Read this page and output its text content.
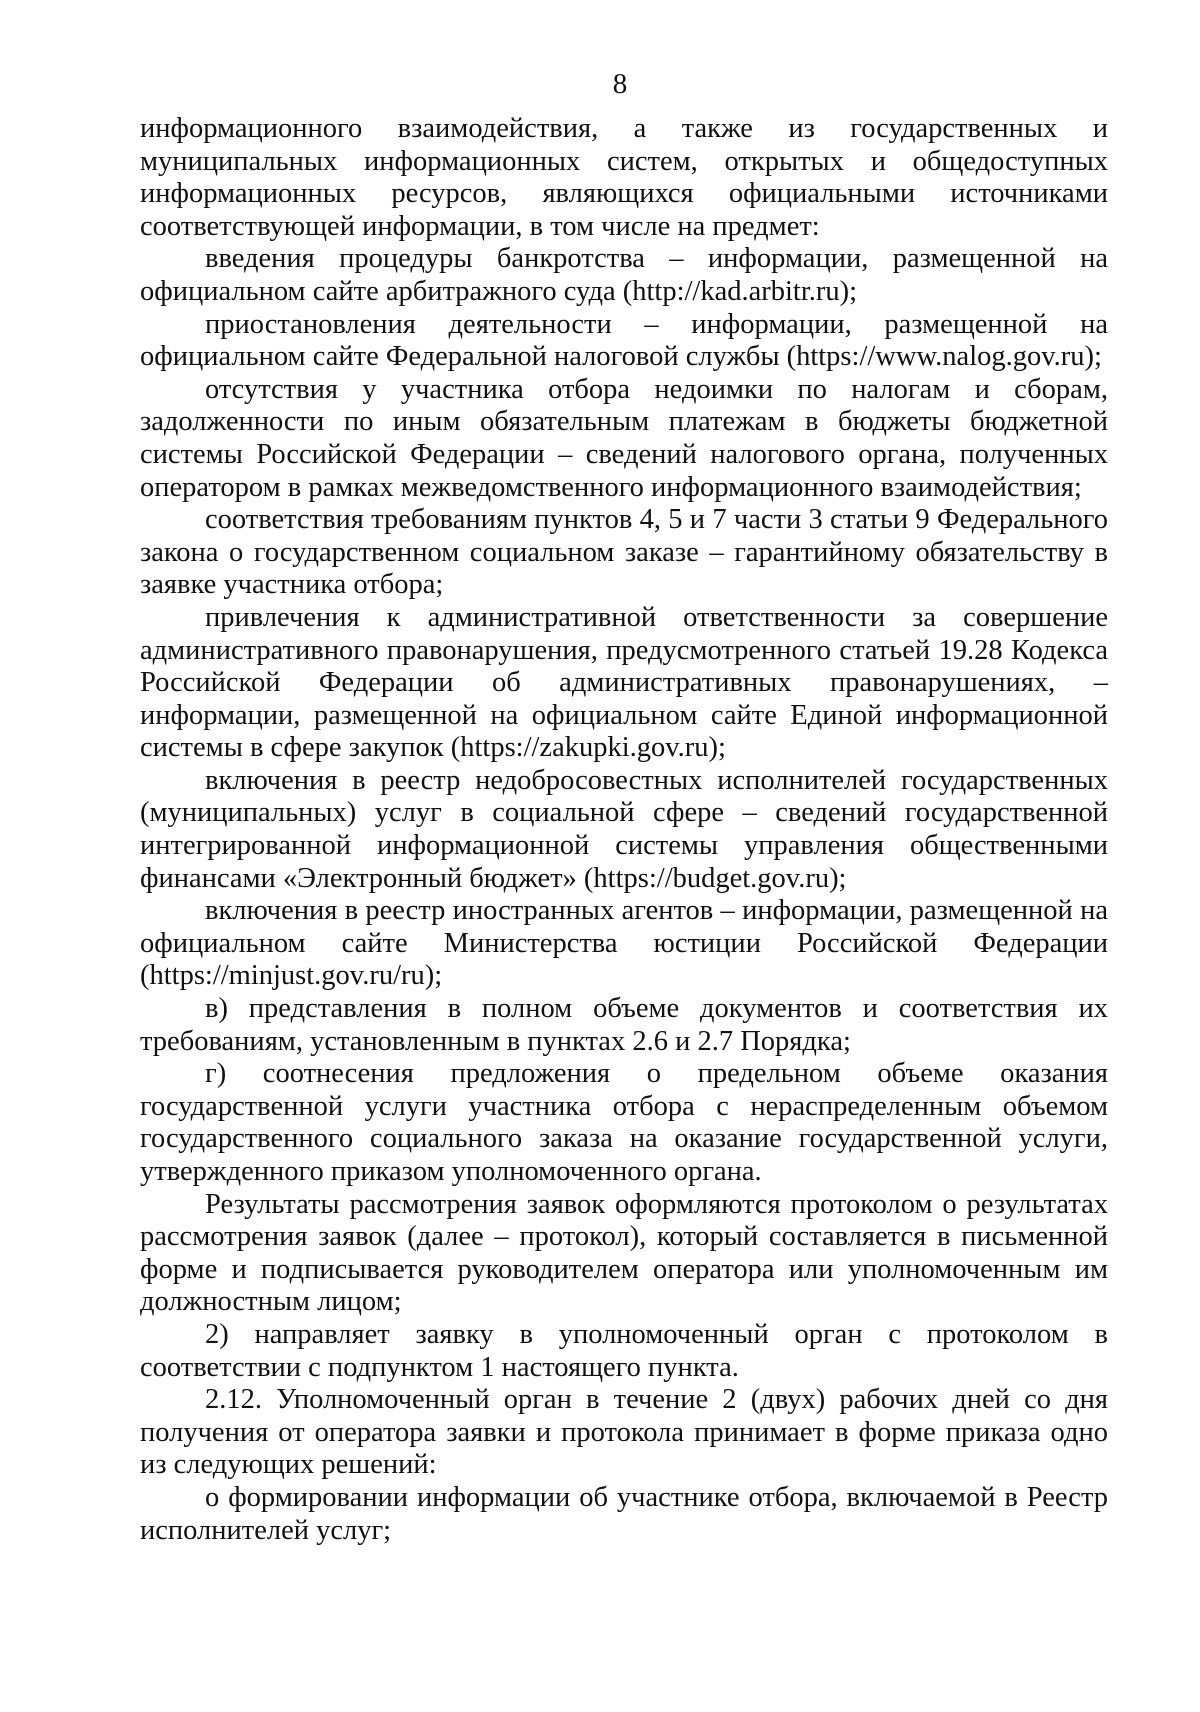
8

информационного взаимодействия, а также из государственных и муниципальных информационных систем, открытых и общедоступных информационных ресурсов, являющихся официальными источниками соответствующей информации, в том числе на предмет:

введения процедуры банкротства – информации, размещенной на официальном сайте арбитражного суда (http://kad.arbitr.ru);

приостановления деятельности – информации, размещенной на официальном сайте Федеральной налоговой службы (https://www.nalog.gov.ru);

отсутствия у участника отбора недоимки по налогам и сборам, задолженности по иным обязательным платежам в бюджеты бюджетной системы Российской Федерации – сведений налогового органа, полученных оператором в рамках межведомственного информационного взаимодействия;

соответствия требованиям пунктов 4, 5 и 7 части 3 статьи 9 Федерального закона о государственном социальном заказе – гарантийному обязательству в заявке участника отбора;

привлечения к административной ответственности за совершение административного правонарушения, предусмотренного статьей 19.28 Кодекса Российской Федерации об административных правонарушениях, – информации, размещенной на официальном сайте Единой информационной системы в сфере закупок (https://zakupki.gov.ru);

включения в реестр недобросовестных исполнителей государственных (муниципальных) услуг в социальной сфере – сведений государственной интегрированной информационной системы управления общественными финансами «Электронный бюджет» (https://budget.gov.ru);

включения в реестр иностранных агентов – информации, размещенной на официальном сайте Министерства юстиции Российской Федерации (https://minjust.gov.ru/ru);

в) представления в полном объеме документов и соответствия их требованиям, установленным в пунктах 2.6 и 2.7 Порядка;

г) соотнесения предложения о предельном объеме оказания государственной услуги участника отбора с нераспределенным объемом государственного социального заказа на оказание государственной услуги, утвержденного приказом уполномоченного органа.

Результаты рассмотрения заявок оформляются протоколом о результатах рассмотрения заявок (далее – протокол), который составляется в письменной форме и подписывается руководителем оператора или уполномоченным им должностным лицом;

2) направляет заявку в уполномоченный орган с протоколом в соответствии с подпунктом 1 настоящего пункта.

2.12. Уполномоченный орган в течение 2 (двух) рабочих дней со дня получения от оператора заявки и протокола принимает в форме приказа одно из следующих решений:

о формировании информации об участнике отбора, включаемой в Реестр исполнителей услуг;
